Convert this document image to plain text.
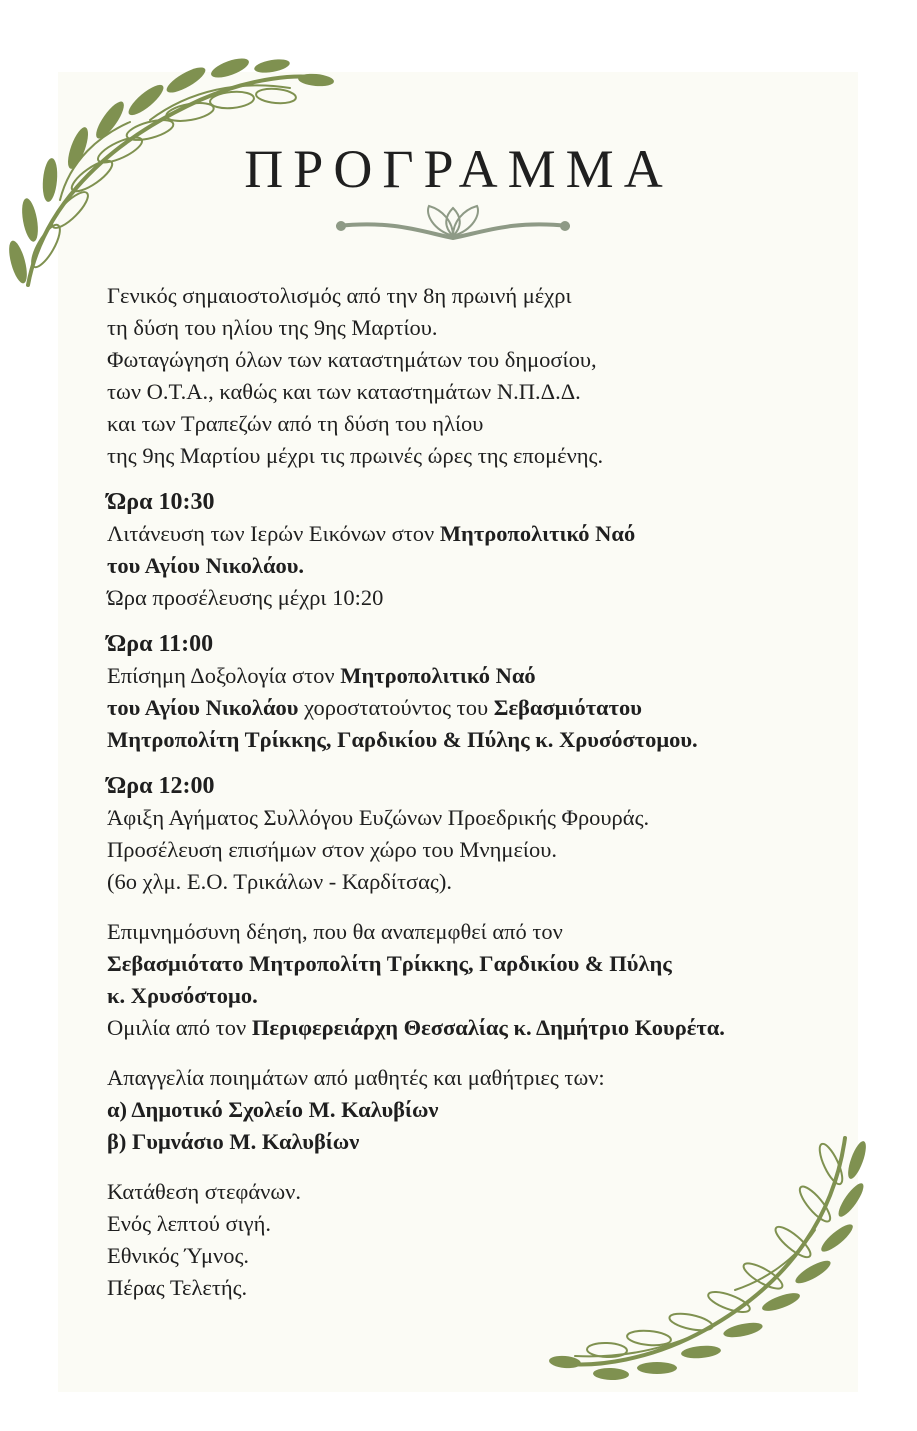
ΠΡΟΓΡΑΜΜΑ

Γενικός σημαιοστολισμός από την 8η πρωινή μέχρι

τη δύση του ηλίου της 9ης Μαρτίου.

Φωταγώγηση όλων των καταστημάτων του δημοσίου,

των Ο.Τ.Α., καθώς και των καταστημάτων Ν.Π.Δ.Δ.

και των Τραπεζών από τη δύση του ηλίου

της 9ης Μαρτίου μέχρι τις πρωινές ώρες της επομένης.

Ώρα 10:30

Λιτάνευση των Ιερών Εικόνων στον Μητροπολιτικό Ναό

του Αγίου Νικολάου.

Ώρα προσέλευσης μέχρι 10:20

Ώρα 11:00

Επίσημη Δοξολογία στον Μητροπολιτικό Ναό

του Αγίου Νικολάου χοροστατούντος του Σεβασμιότατου

Μητροπολίτη Τρίκκης, Γαρδικίου & Πύλης κ. Χρυσόστομου.

Ώρα 12:00

Άφιξη Αγήματος Συλλόγου Ευζώνων Προεδρικής Φρουράς.

Προσέλευση επισήμων στον χώρο του Μνημείου.

(6ο χλμ. Ε.Ο. Τρικάλων - Καρδίτσας).

Επιμνημόσυνη δέηση, που θα αναπεμφθεί από τον

Σεβασμιότατο Μητροπολίτη Τρίκκης, Γαρδικίου & Πύλης

κ. Χρυσόστομο.

Ομιλία από τον Περιφερειάρχη Θεσσαλίας κ. Δημήτριο Κουρέτα.

Απαγγελία ποιημάτων από μαθητές και μαθήτριες των:

α) Δημοτικό Σχολείο Μ. Καλυβίων

β) Γυμνάσιο Μ. Καλυβίων

Κατάθεση στεφάνων.

Ενός λεπτού σιγή.

Εθνικός Ύμνος.

Πέρας Τελετής.
